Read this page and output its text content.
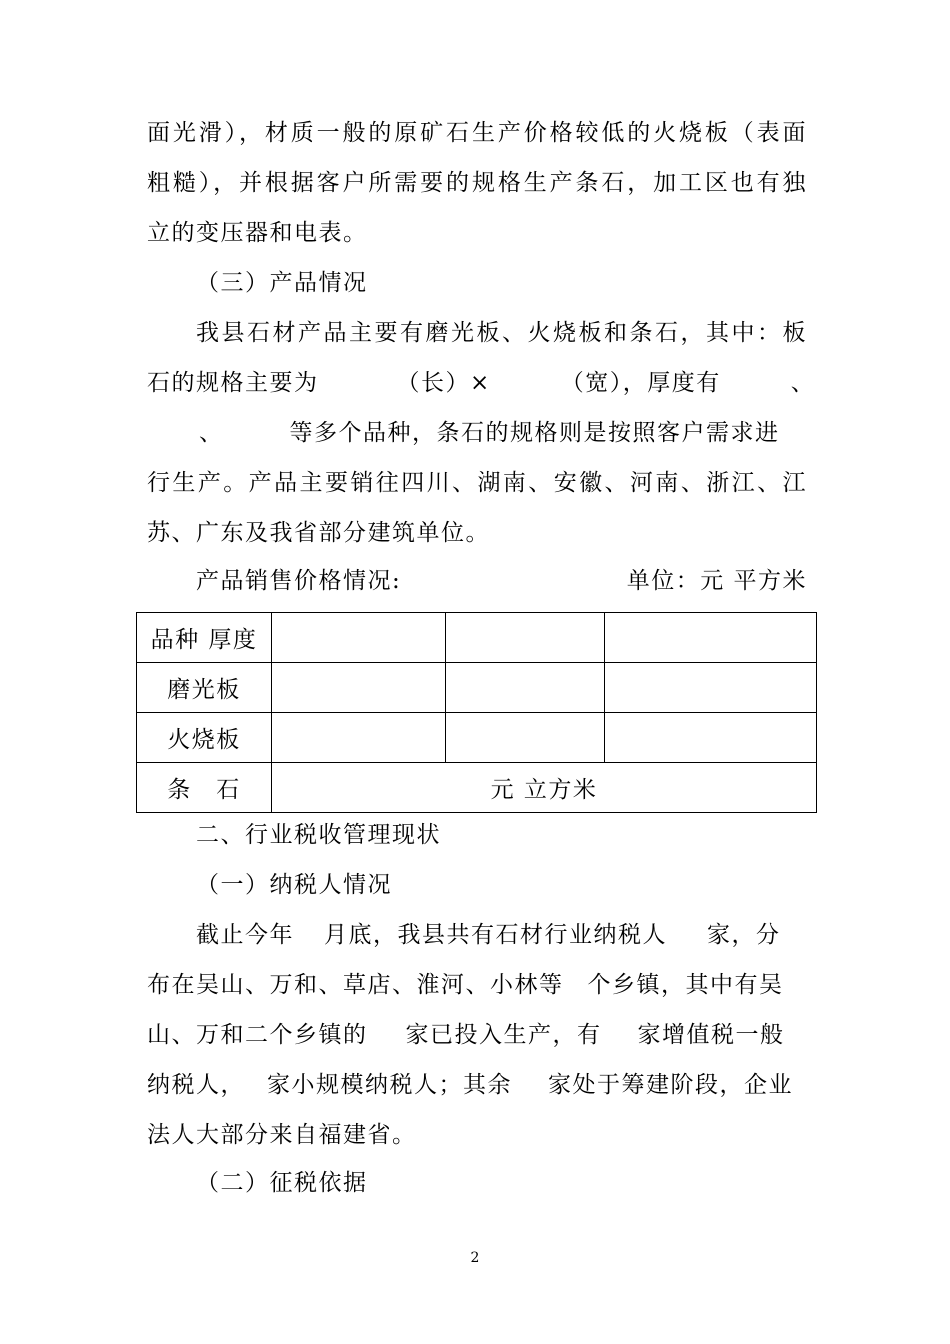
面光滑），材质一般的原矿石生产价格较低的火烧板（表面
粗糙），并根据客户所需要的规格生产条石，加工区也有独
立的变压器和电表。
（三）产品情况
我县石材产品主要有磨光板、火烧板和条石，其中：板
石的规格主要为	（长）×	（宽），厚度有	、
、	等多个品种，条石的规格则是按照客户需求进
行生产。产品主要销往四川、湖南、安徽、河南、浙江、江
苏、广东及我省部分建筑单位。
产品销售价格情况:	单位：元 平方米
品种 厚度			
磨光板			
火烧板			
条　石	元 立方米		
二、行业税收管理现状
（一）纳税人情况
截止今年 月底，我县共有石材行业纳税人 家，分
布在吴山、万和、草店、淮河、小林等 个乡镇，其中有吴
山、万和二个乡镇的 家已投入生产，有 家增值税一般
纳税人， 家小规模纳税人；其余 家处于筹建阶段，企业
法人大部分来自福建省。
（二）征税依据
2
